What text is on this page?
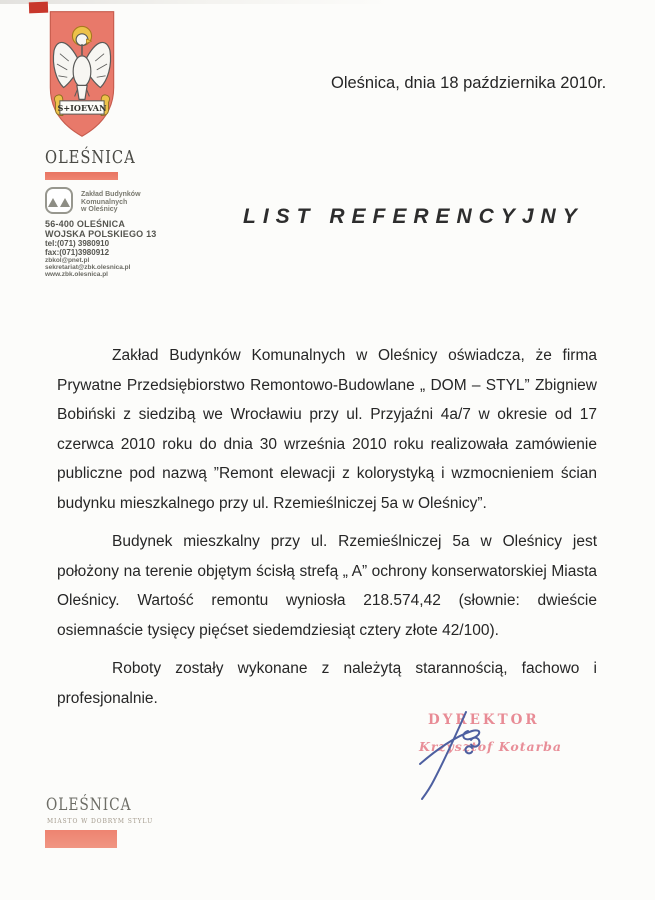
S+IOEVAN
OLEŚNICA
Zakład Budynków
Komunalnych
w Oleśnicy
56-400 OLEŚNICA
WOJSKA POLSKIEGO 13
tel:(071) 3980910
fax:(071)3980912
zbkol@pnet.pl
sekretariat@zbk.olesnica.pl
www.zbk.olesnica.pl
Oleśnica, dnia 18 października 2010r.
LIST REFERENCYJNY

Zakład Budynków Komunalnych w Oleśnicy oświadcza, że firma Prywatne Przedsiębiorstwo Remontowo-Budowlane „ DOM – STYL” Zbigniew Bobiński z siedzibą we Wrocławiu przy ul. Przyjaźni 4a/7 w okresie od 17 czerwca 2010 roku do dnia 30 września 2010 roku realizowała zamówienie publiczne pod nazwą ”Remont elewacji z kolorystyką i wzmocnieniem ścian budynku mieszkalnego przy ul. Rzemieślniczej 5a w Oleśnicy”.

Budynek mieszkalny przy ul. Rzemieślniczej 5a w Oleśnicy jest położony na terenie objętym ścisłą strefą „ A” ochrony konserwatorskiej Miasta Oleśnicy. Wartość remontu wyniosła 218.574,42 (słownie: dwieście osiemnaście tysięcy pięćset siedemdziesiąt cztery złote 42/100).

Roboty zostały wykonane z należytą starannością, fachowo i profesjonalnie.

DYREKTOR
Krzysztof Kotarba
OLEŚNICA
MIASTO W DOBRYM STYLU
